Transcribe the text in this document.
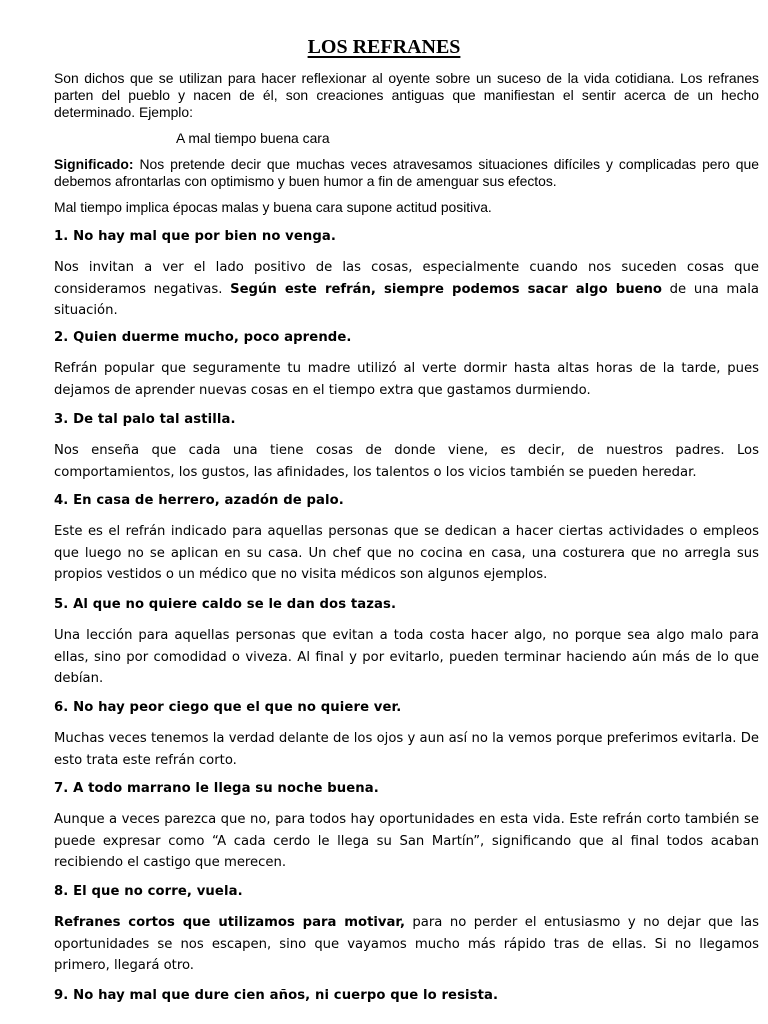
LOS REFRANES

Son dichos que se utilizan para hacer reflexionar al oyente sobre un suceso de la vida cotidiana. Los refranes parten del pueblo y nacen de él, son creaciones antiguas que manifiestan el sentir acerca de un hecho determinado. Ejemplo:

A mal tiempo buena cara

Significado: Nos pretende decir que muchas veces atravesamos situaciones difíciles y complicadas pero que debemos afrontarlas con optimismo y buen humor a fin de amenguar sus efectos.

Mal tiempo implica épocas malas y buena cara supone actitud positiva.

1. No hay mal que por bien no venga.

Nos invitan a ver el lado positivo de las cosas, especialmente cuando nos suceden cosas que consideramos negativas. Según este refrán, siempre podemos sacar algo bueno de una mala situación.

2. Quien duerme mucho, poco aprende.

Refrán popular que seguramente tu madre utilizó al verte dormir hasta altas horas de la tarde, pues dejamos de aprender nuevas cosas en el tiempo extra que gastamos durmiendo.

3. De tal palo tal astilla.

Nos enseña que cada una tiene cosas de donde viene, es decir, de nuestros padres. Los comportamientos, los gustos, las afinidades, los talentos o los vicios también se pueden heredar.

4. En casa de herrero, azadón de palo.

Este es el refrán indicado para aquellas personas que se dedican a hacer ciertas actividades o empleos que luego no se aplican en su casa. Un chef que no cocina en casa, una costurera que no arregla sus propios vestidos o un médico que no visita médicos son algunos ejemplos.

5. Al que no quiere caldo se le dan dos tazas.

Una lección para aquellas personas que evitan a toda costa hacer algo, no porque sea algo malo para ellas, sino por comodidad o viveza. Al final y por evitarlo, pueden terminar haciendo aún más de lo que debían.

6. No hay peor ciego que el que no quiere ver.

Muchas veces tenemos la verdad delante de los ojos y aun así no la vemos porque preferimos evitarla. De esto trata este refrán corto.

7. A todo marrano le llega su noche buena.

Aunque a veces parezca que no, para todos hay oportunidades en esta vida. Este refrán corto también se puede expresar como “A cada cerdo le llega su San Martín”, significando que al final todos acaban recibiendo el castigo que merecen.

8. El que no corre, vuela.

Refranes cortos que utilizamos para motivar, para no perder el entusiasmo y no dejar que las oportunidades se nos escapen, sino que vayamos mucho más rápido tras de ellas. Si no llegamos primero, llegará otro.

9. No hay mal que dure cien años, ni cuerpo que lo resista.
